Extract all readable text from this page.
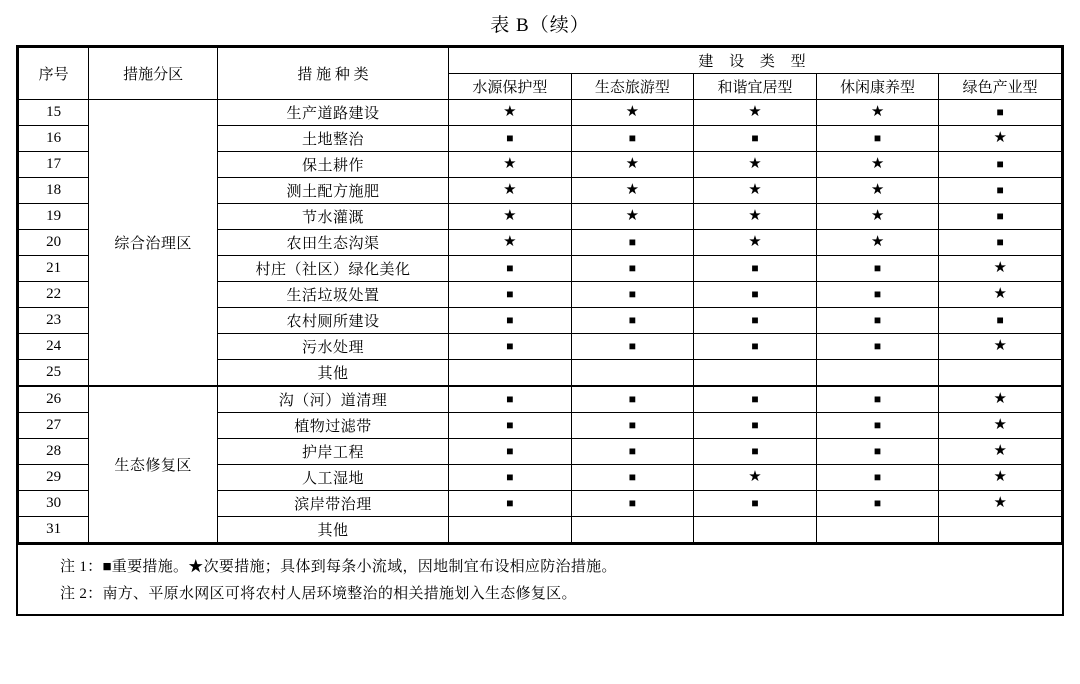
表 B（续）
序号	措施分区	措 施 种 类	建 设 类 型				
			水源保护型	生态旅游型	和谐宜居型	休闲康养型	绿色产业型
15	综合治理区	生产道路建设	★	★	★	★	■
16		土地整治	■	■	■	■	★
17		保土耕作	★	★	★	★	■
18		测土配方施肥	★	★	★	★	■
19		节水灌溉	★	★	★	★	■
20		农田生态沟渠	★	■	★	★	■
21		村庄（社区）绿化美化	■	■	■	■	★
22		生活垃圾处置	■	■	■	■	★
23		农村厕所建设	■	■	■	■	■
24		污水处理	■	■	■	■	★
25		其他					
26	生态修复区	沟（河）道清理	■	■	■	■	★
27		植物过滤带	■	■	■	■	★
28		护岸工程	■	■	■	■	★
29		人工湿地	■	■	★	■	★
30		滨岸带治理	■	■	■	■	★
31		其他					
注 1：■重要措施。★次要措施；具体到每条小流域，因地制宜布设相应防治措施。
注 2：南方、平原水网区可将农村人居环境整治的相关措施划入生态修复区。
